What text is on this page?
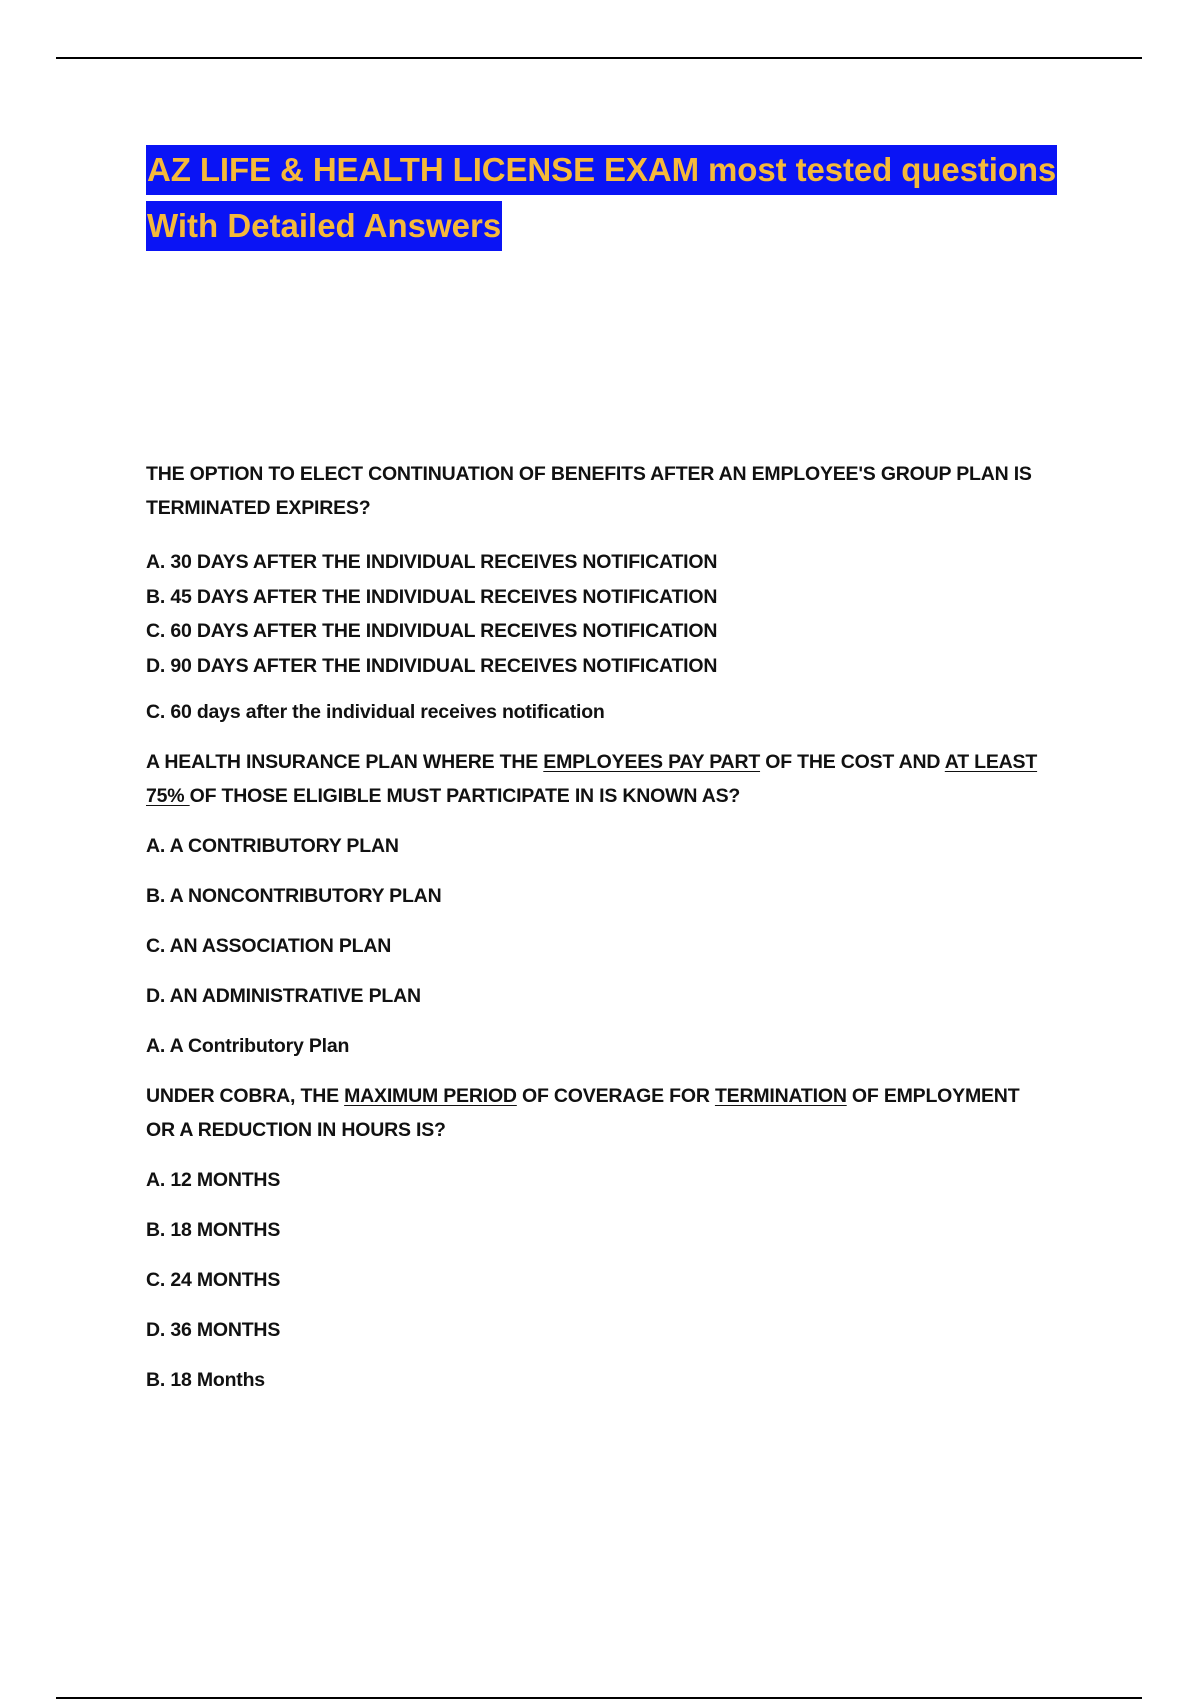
AZ LIFE & HEALTH LICENSE EXAM most tested questions
With Detailed Answers

THE OPTION TO ELECT CONTINUATION OF BENEFITS AFTER AN EMPLOYEE'S GROUP PLAN IS
TERMINATED EXPIRES?

A. 30 DAYS AFTER THE INDIVIDUAL RECEIVES NOTIFICATION

B. 45 DAYS AFTER THE INDIVIDUAL RECEIVES NOTIFICATION

C. 60 DAYS AFTER THE INDIVIDUAL RECEIVES NOTIFICATION

D. 90 DAYS AFTER THE INDIVIDUAL RECEIVES NOTIFICATION

C. 60 days after the individual receives notification

A HEALTH INSURANCE PLAN WHERE THE EMPLOYEES PAY PART OF THE COST AND AT LEAST
75% OF THOSE ELIGIBLE MUST PARTICIPATE IN IS KNOWN AS?

A. A CONTRIBUTORY PLAN

B. A NONCONTRIBUTORY PLAN

C. AN ASSOCIATION PLAN

D. AN ADMINISTRATIVE PLAN

A. A Contributory Plan

UNDER COBRA, THE MAXIMUM PERIOD OF COVERAGE FOR TERMINATION OF EMPLOYMENT
OR A REDUCTION IN HOURS IS?

A. 12 MONTHS

B. 18 MONTHS

C. 24 MONTHS

D. 36 MONTHS

B. 18 Months
